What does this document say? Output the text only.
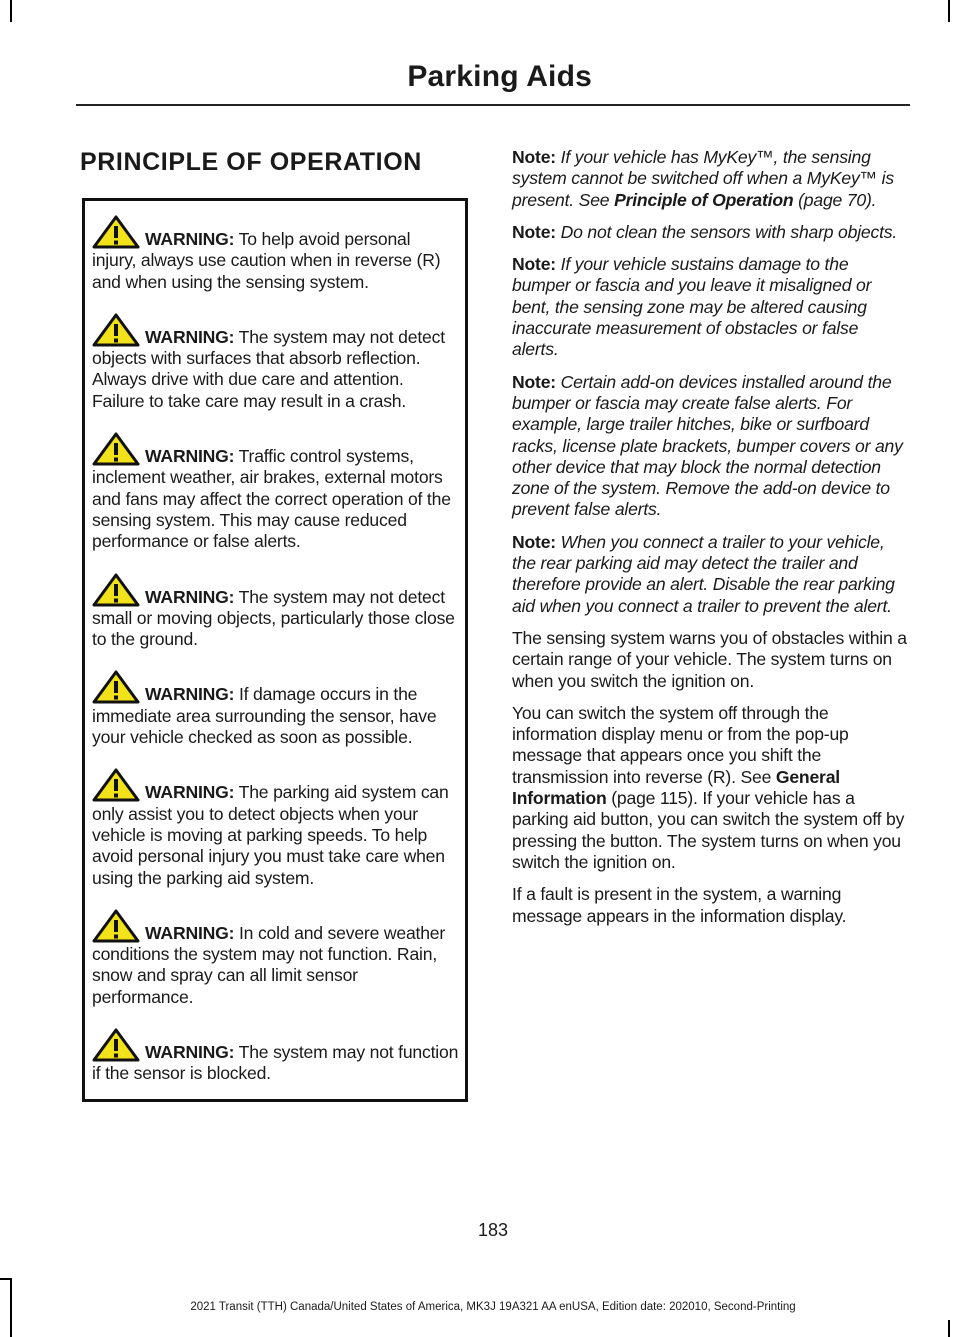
Parking Aids
PRINCIPLE OF OPERATION
WARNING: To help avoid personal injury, always use caution when in reverse (R) and when using the sensing system.
WARNING: The system may not detect objects with surfaces that absorb reflection. Always drive with due care and attention. Failure to take care may result in a crash.
WARNING: Traffic control systems, inclement weather, air brakes, external motors and fans may affect the correct operation of the sensing system. This may cause reduced performance or false alerts.
WARNING: The system may not detect small or moving objects, particularly those close to the ground.
WARNING: If damage occurs in the immediate area surrounding the sensor, have your vehicle checked as soon as possible.
WARNING: The parking aid system can only assist you to detect objects when your vehicle is moving at parking speeds. To help avoid personal injury you must take care when using the parking aid system.
WARNING: In cold and severe weather conditions the system may not function. Rain, snow and spray can all limit sensor performance.
WARNING: The system may not function if the sensor is blocked.

Note: If your vehicle has MyKey™, the sensing system cannot be switched off when a MyKey™ is present. See Principle of Operation (page 70).

Note: Do not clean the sensors with sharp objects.

Note: If your vehicle sustains damage to the bumper or fascia and you leave it misaligned or bent, the sensing zone may be altered causing inaccurate measurement of obstacles or false alerts.

Note: Certain add-on devices installed around the bumper or fascia may create false alerts. For example, large trailer hitches, bike or surfboard racks, license plate brackets, bumper covers or any other device that may block the normal detection zone of the system. Remove the add-on device to prevent false alerts.

Note: When you connect a trailer to your vehicle, the rear parking aid may detect the trailer and therefore provide an alert. Disable the rear parking aid when you connect a trailer to prevent the alert.

The sensing system warns you of obstacles within a certain range of your vehicle. The system turns on when you switch the ignition on.

You can switch the system off through the information display menu or from the pop-up message that appears once you shift the transmission into reverse (R). See General Information (page 115). If your vehicle has a parking aid button, you can switch the system off by pressing the button. The system turns on when you switch the ignition on.

If a fault is present in the system, a warning message appears in the information display.

183
2021 Transit (TTH) Canada/United States of America, MK3J 19A321 AA enUSA, Edition date: 202010, Second-Printing
